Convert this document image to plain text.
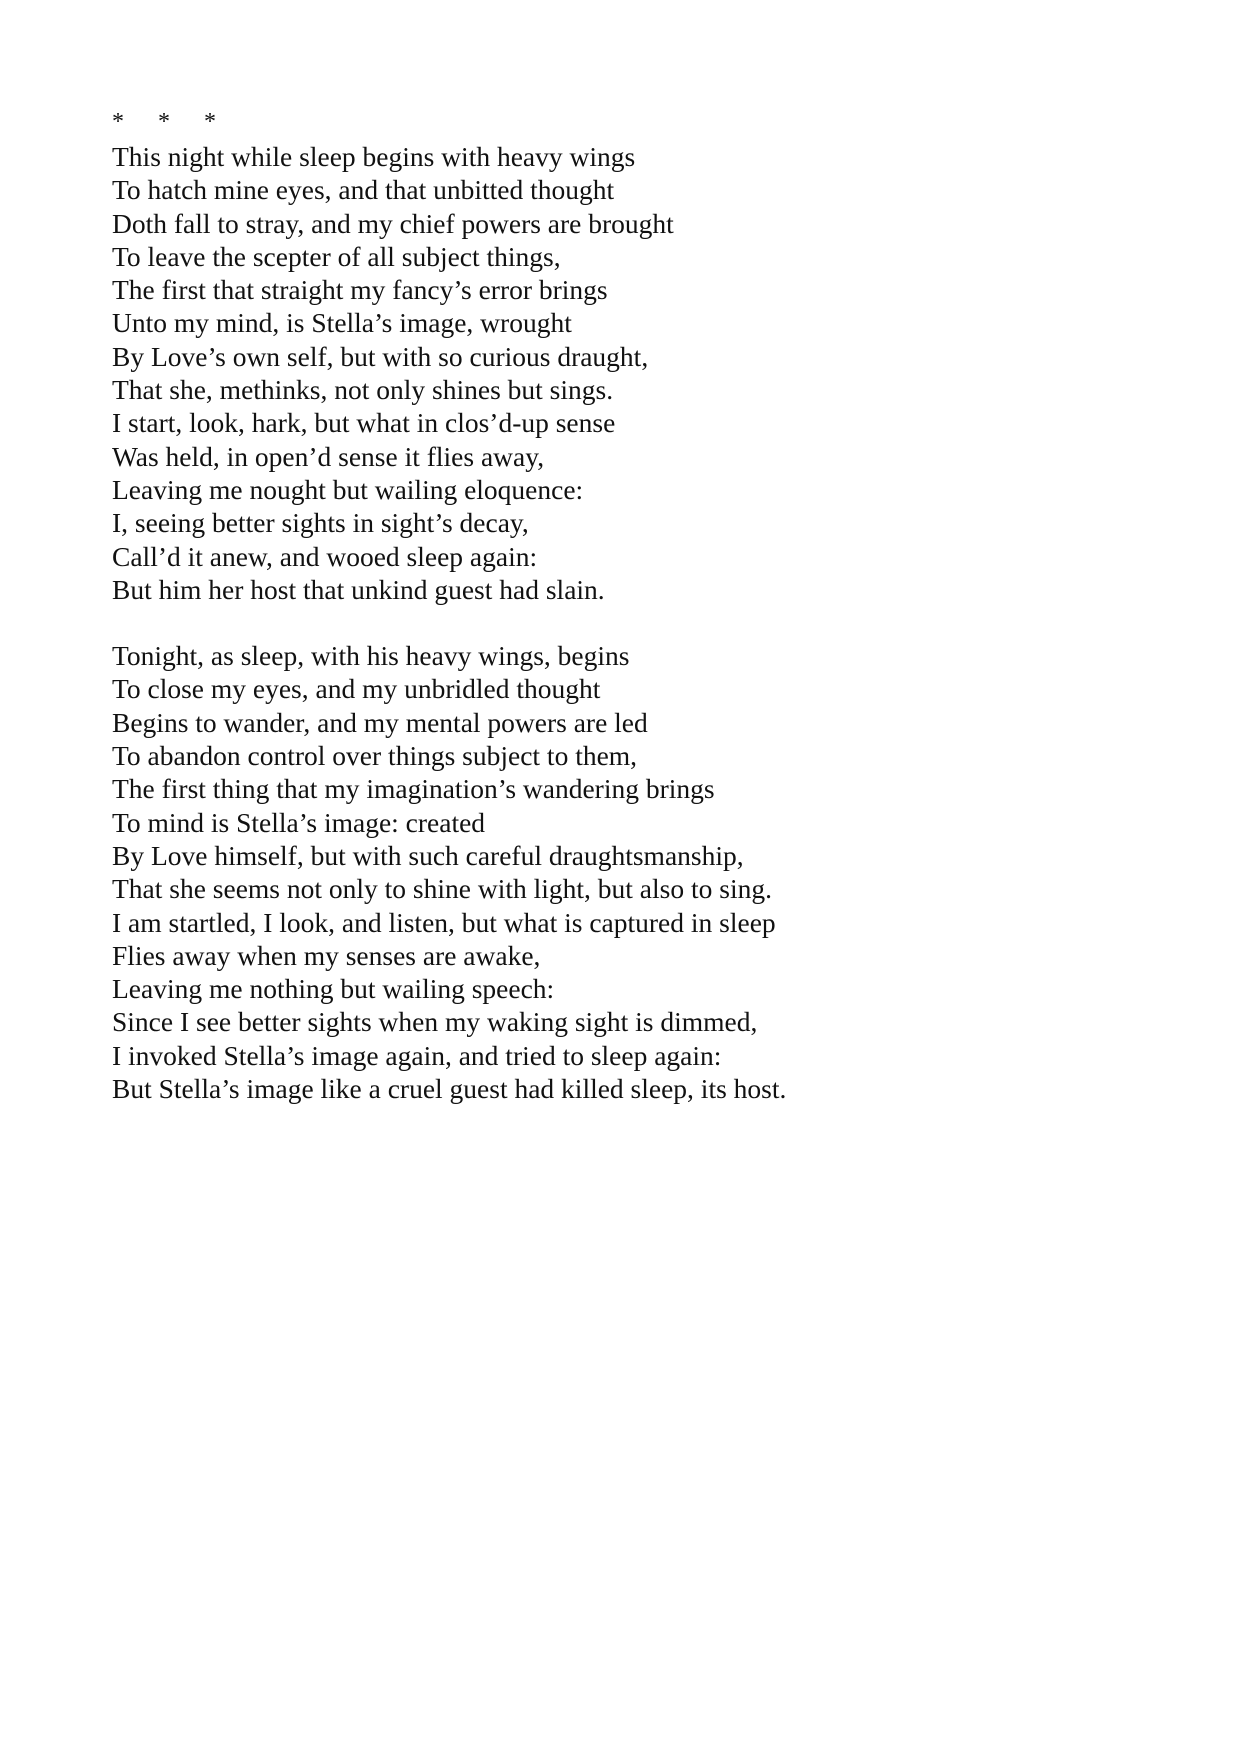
* * *
This night while sleep begins with heavy wings
To hatch mine eyes, and that unbitted thought
Doth fall to stray, and my chief powers are brought
To leave the scepter of all subject things,
The first that straight my fancy’s error brings
Unto my mind, is Stella’s image, wrought
By Love’s own self, but with so curious draught,
That she, methinks, not only shines but sings.
I start, look, hark, but what in clos’d-up sense
Was held, in open’d sense it flies away,
Leaving me nought but wailing eloquence:
I, seeing better sights in sight’s decay,
Call’d it anew, and wooed sleep again:
But him her host that unkind guest had slain.
Tonight, as sleep, with his heavy wings, begins
To close my eyes, and my unbridled thought
Begins to wander, and my mental powers are led
To abandon control over things subject to them,
The first thing that my imagination’s wandering brings
To mind is Stella’s image: created
By Love himself, but with such careful draughtsmanship,
That she seems not only to shine with light, but also to sing.
I am startled, I look, and listen, but what is captured in sleep
Flies away when my senses are awake,
Leaving me nothing but wailing speech:
Since I see better sights when my waking sight is dimmed,
I invoked Stella’s image again, and tried to sleep again:
But Stella’s image like a cruel guest had killed sleep, its host.
